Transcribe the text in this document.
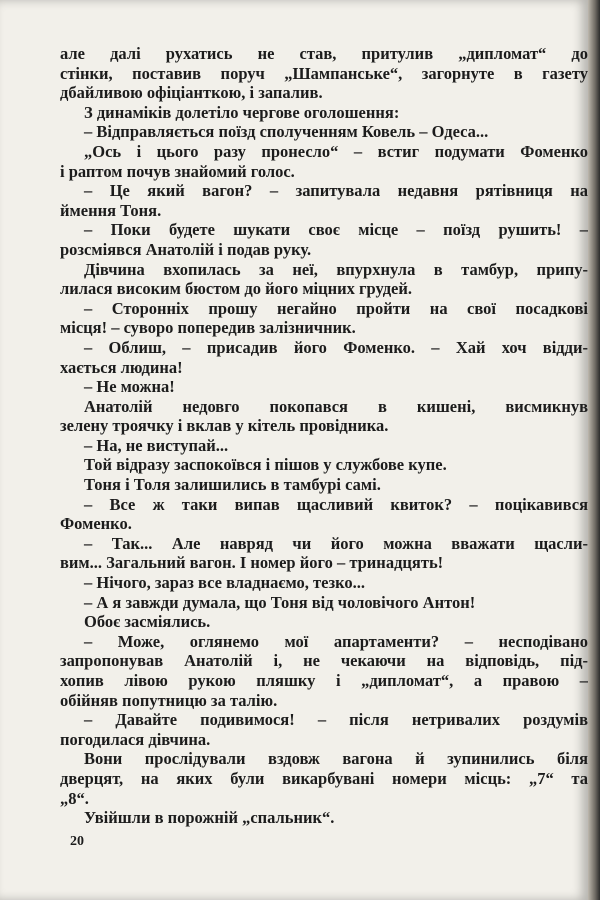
але далі рухатись не став, притулив „дипломат“ до
стінки, поставив поруч „Шампанське“, загорнуте в газету
дбайливою офіціанткою, і запалив.
З динаміків долетіло чергове оголошення:
– Відправляється поїзд сполученням Ковель – Одеса...
„Ось і цього разу пронесло“ – встиг подумати Фоменко
і раптом почув знайомий голос.
– Це який вагон? – запитувала недавня рятівниця на
ймення Тоня.
– Поки будете шукати своє місце – поїзд рушить! –
розсміявся Анатолій і подав руку.
Дівчина вхопилась за неї, впурхнула в тамбур, припу-
лилася високим бюстом до його міцних грудей.
– Сторонніх прошу негайно пройти на свої посадкові
місця! – суворо попередив залізничник.
– Облиш, – присадив його Фоменко. – Хай хоч відди-
хається людина!
– Не можна!
Анатолій недовго покопався в кишені, висмикнув
зелену троячку і вклав у кітель провідника.
– На, не виступай...
Той відразу заспокоївся і пішов у службове купе.
Тоня і Толя залишились в тамбурі самі.
– Все ж таки випав щасливий квиток? – поцікавився
Фоменко.
– Так... Але навряд чи його можна вважати щасли-
вим... Загальний вагон. І номер його – тринадцять!
– Нічого, зараз все владнаємо, тезко...
– А я завжди думала, що Тоня від чоловічого Антон!
Обоє засміялись.
– Може, оглянемо мої апартаменти? – несподівано
запропонував Анатолій і, не чекаючи на відповідь, під-
хопив лівою рукою пляшку і „дипломат“, а правою –
обійняв попутницю за талію.
– Давайте подивимося! – після нетривалих роздумів
погодилася дівчина.
Вони прослідували вздовж вагона й зупинились біля
дверцят, на яких були викарбувані номери місць: „7“ та
„8“.
Увійшли в порожній „спальник“.
20
